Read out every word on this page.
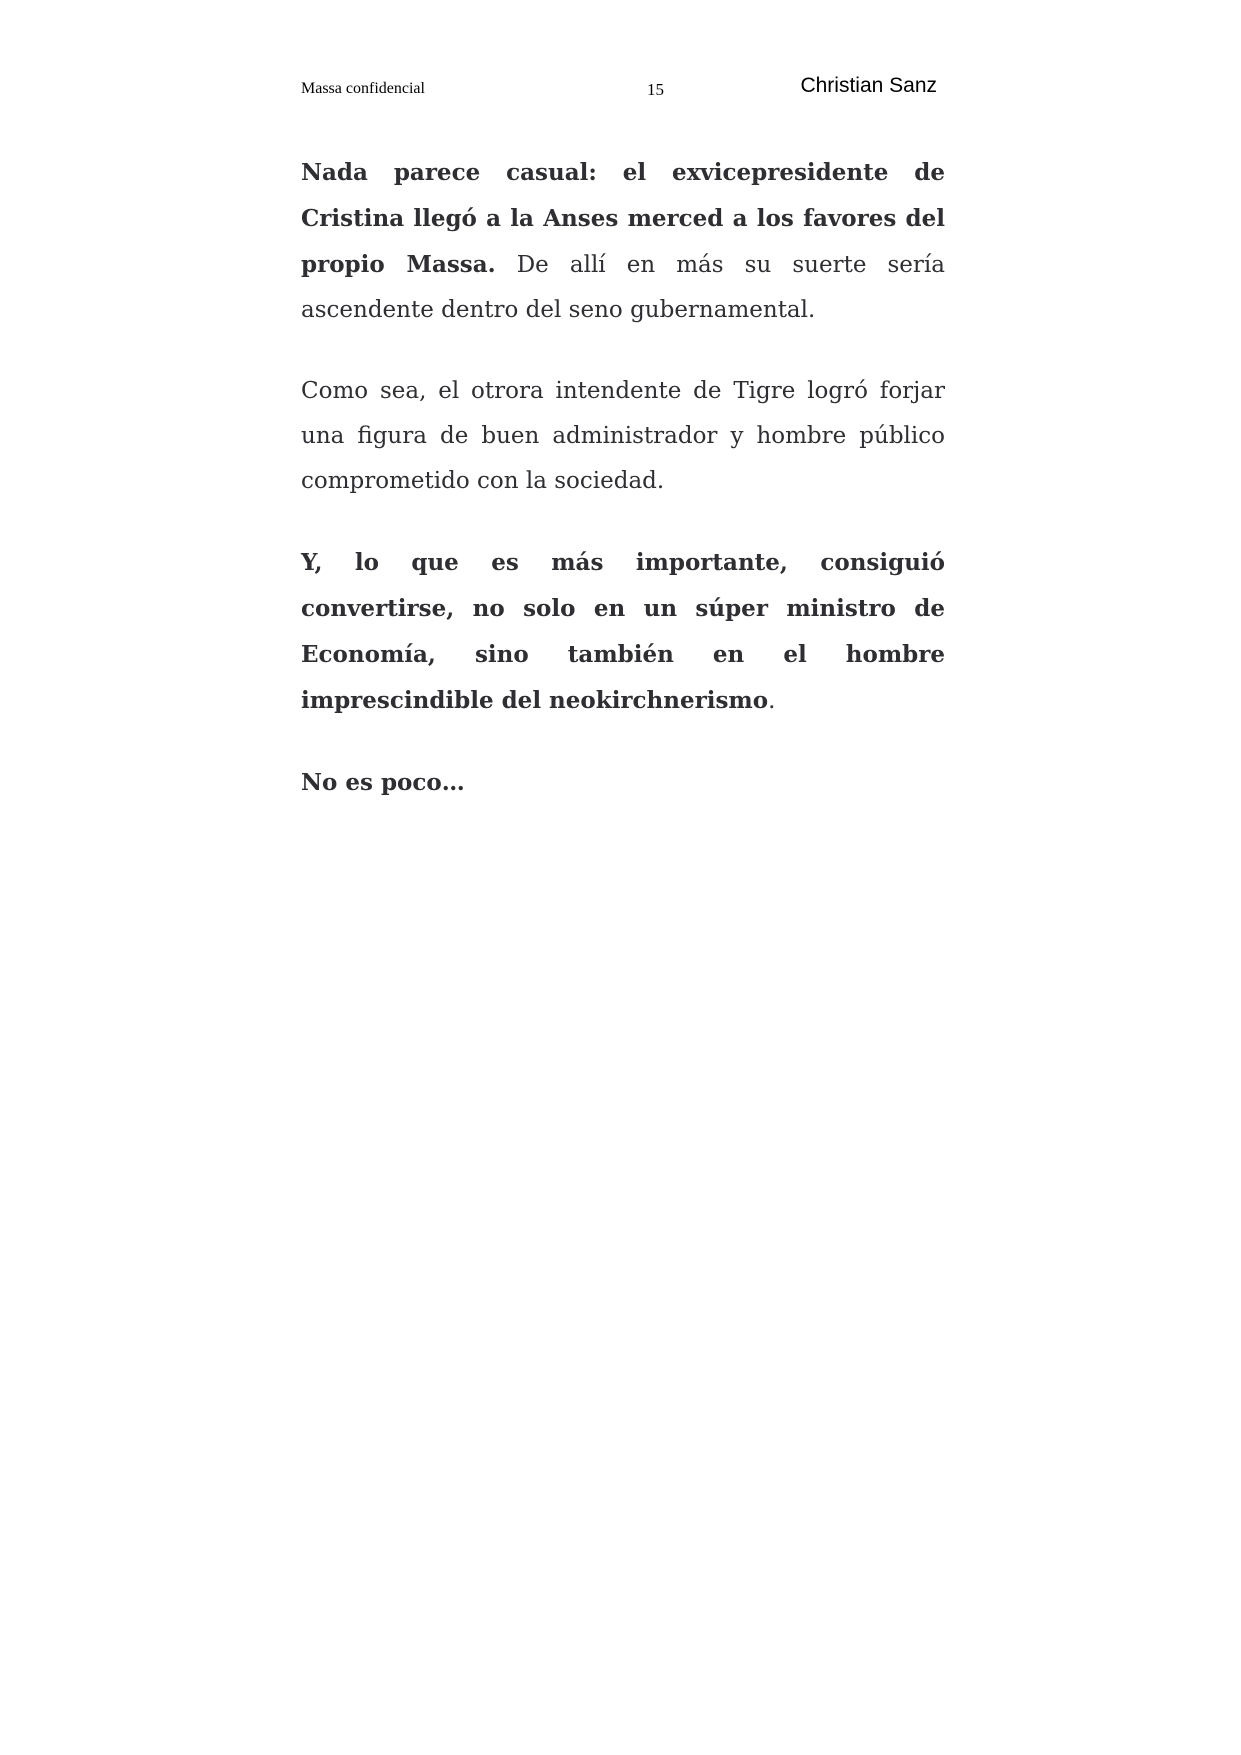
Massa confidencial	15	Christian Sanz

Nada parece casual: el exvicepresidente de Cristina llegó a la Anses merced a los favores del propio Massa. De allí en más su suerte sería ascendente dentro del seno gubernamental.

Como sea, el otrora intendente de Tigre logró forjar una figura de buen administrador y hombre público comprometido con la sociedad.

Y, lo que es más importante, consiguió convertirse, no solo en un súper ministro de Economía, sino también en el hombre imprescindible del neokirchnerismo.

No es poco…
